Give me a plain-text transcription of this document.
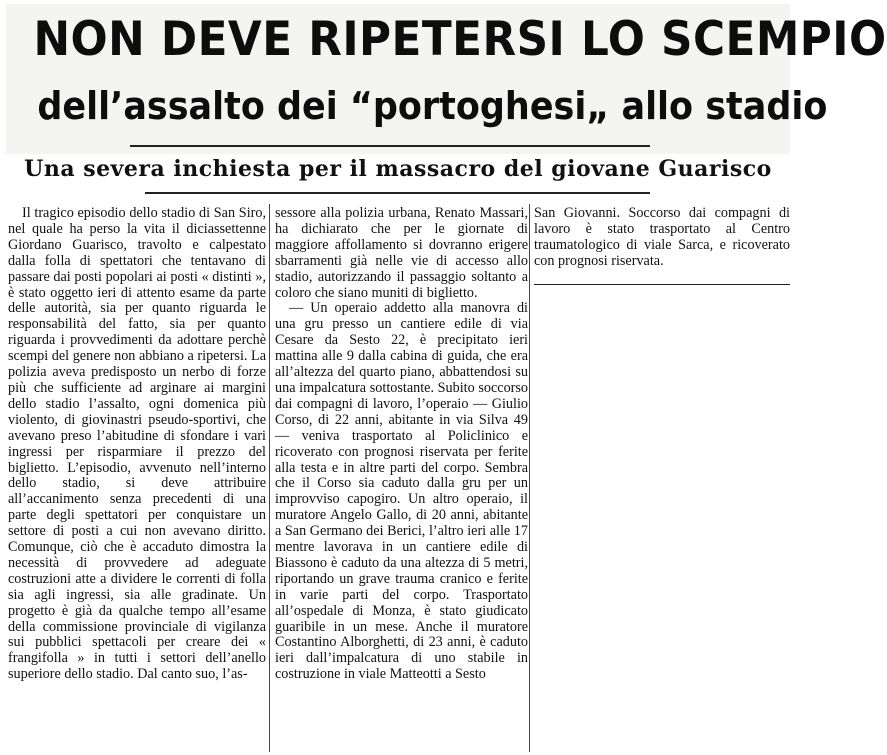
NON DEVE RIPETERSI LO SCEMPIO
dell’assalto dei “portoghesi„ allo stadio
Una severa inchiesta per il massacro del giovane Guarisco

Il tragico episodio dello stadio di San Siro, nel quale ha perso la vita il diciassettenne Giordano Guarisco, travolto e calpestato dalla folla di spettatori che tentavano di passare dai posti popolari ai posti « distinti », è stato oggetto ieri di attento esame da parte delle autorità, sia per quanto riguarda le responsabilità del fatto, sia per quanto riguarda i provvedimenti da adottare perchè scempi del genere non abbiano a ripetersi. La polizia aveva predisposto un nerbo di forze più che sufficiente ad arginare ai margini dello stadio l’assalto, ogni domenica più violento, di giovinastri pseudo-sportivi, che avevano preso l’abitudine di sfondare i vari ingressi per risparmiare il prezzo del biglietto. L’episodio, avvenuto nell’interno dello stadio, si deve attribuire all’accanimento senza precedenti di una parte degli spettatori per conquistare un settore di posti a cui non avevano diritto. Comunque, ciò che è accaduto dimostra la necessità di provvedere ad adeguate costruzioni atte a dividere le correnti di folla sia agli ingressi, sia alle gradinate. Un progetto è già da qualche tempo all’esame della commissione provinciale di vigilanza sui pubblici spettacoli per creare dei « frangifolla » in tutti i settori dell’anello superiore dello stadio. Dal canto suo, l’as-

sessore alla polizia urbana, Renato Massari, ha dichiarato che per le giornate di maggiore affollamento si dovranno erigere sbarramenti già nelle vie di accesso allo stadio, autorizzando il passaggio soltanto a coloro che siano muniti di biglietto.

— Un operaio addetto alla manovra di una gru presso un cantiere edile di via Cesare da Sesto 22, è precipitato ieri mattina alle 9 dalla cabina di guida, che era all’altezza del quarto piano, abbattendosi su una impalcatura sottostante. Subito soccorso dai compagni di lavoro, l’operaio — Giulio Corso, di 22 anni, abitante in via Silva 49 — veniva trasportato al Policlinico e ricoverato con prognosi riservata per ferite alla testa e in altre parti del corpo. Sembra che il Corso sia caduto dalla gru per un improvviso capogiro. Un altro operaio, il muratore Angelo Gallo, di 20 anni, abitante a San Germano dei Berici, l’altro ieri alle 17 mentre lavorava in un cantiere edile di Biassono è caduto da una altezza di 5 metri, riportando un grave trauma cranico e ferite in varie parti del corpo. Trasportato all’ospedale di Monza, è stato giudicato guaribile in un mese. Anche il muratore Costantino Alborghetti, di 23 anni, è caduto ieri dall’impalcatura di uno stabile in costruzione in viale Matteotti a Sesto

San Giovanni. Soccorso dai compagni di lavoro è stato trasportato al Centro traumatologico di viale Sarca, e ricoverato con prognosi riservata.
